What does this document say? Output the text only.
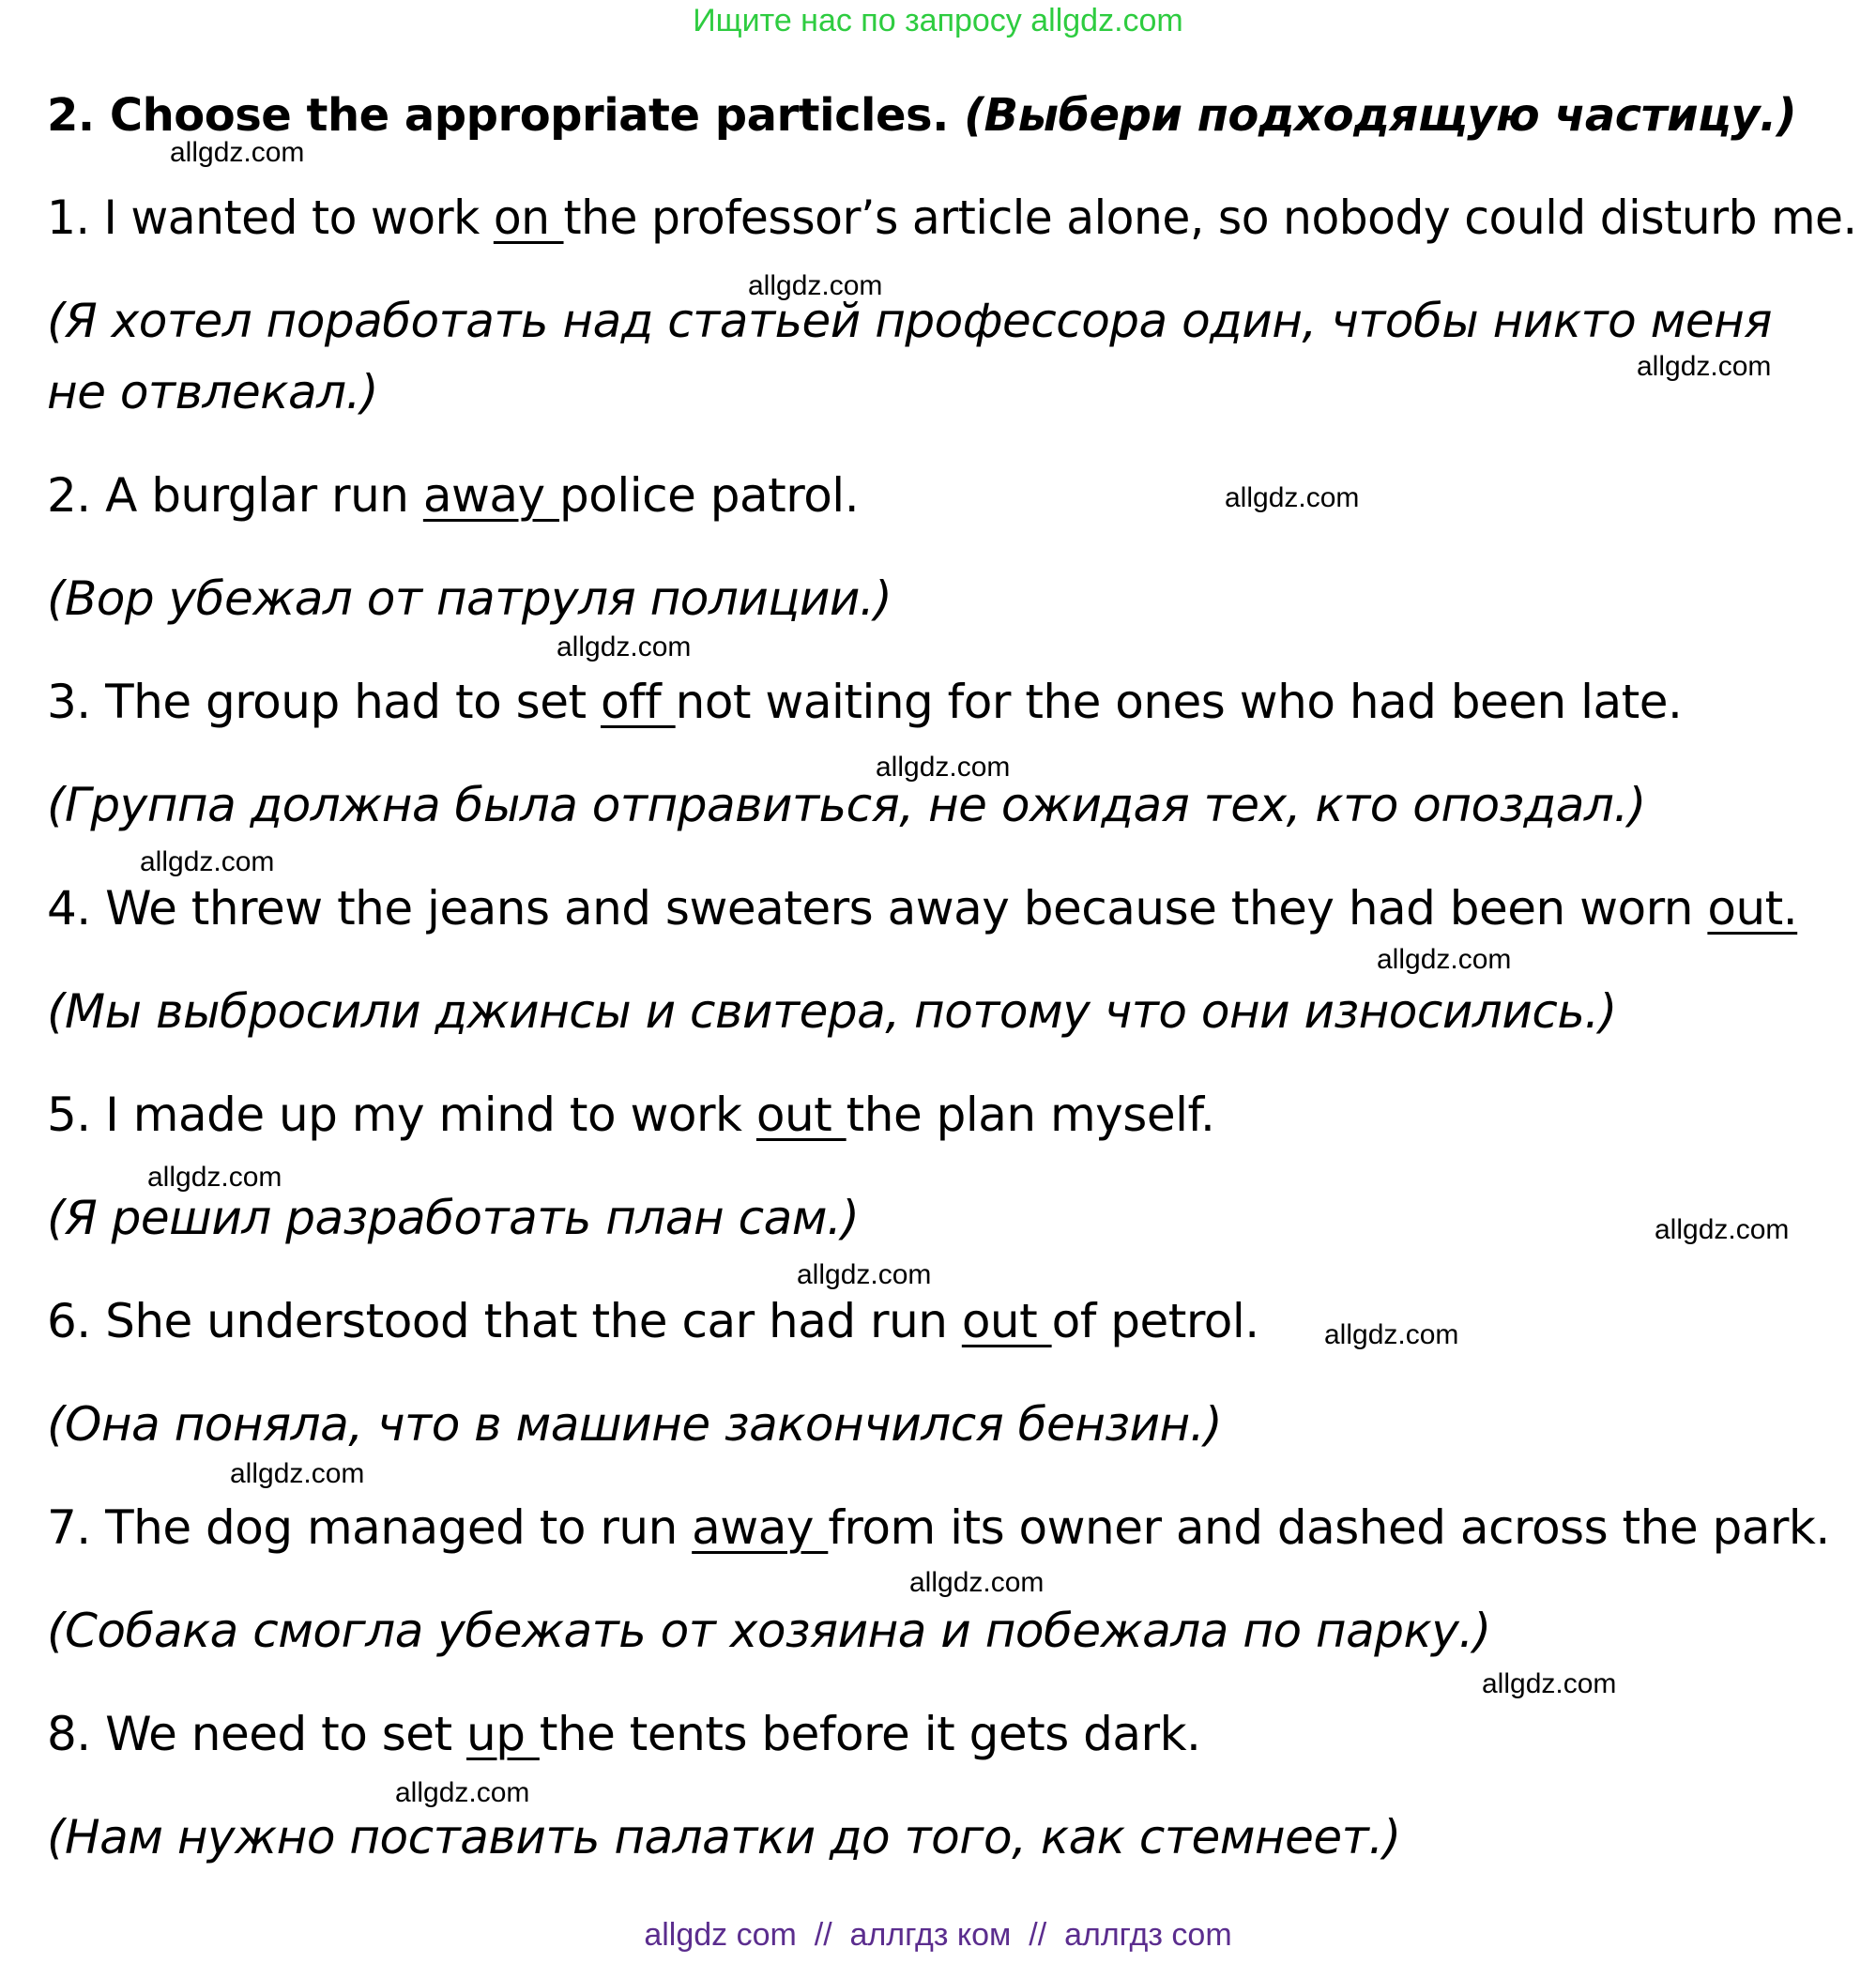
Ищите нас по запросу allgdz.com
2. Choose the appropriate particles. (Выбери подходящую частицу.)
1. I wanted to work on the professor’s article alone, so nobody could disturb me.
(Я хотел поработать над статьей профессора один, чтобы никто меня
не отвлекал.)
2. A burglar run away police patrol.
(Вор убежал от патруля полиции.)
3. The group had to set off not waiting for the ones who had been late.
(Группа должна была отправиться, не ожидая тех, кто опоздал.)
4. We threw the jeans and sweaters away because they had been worn out.
(Мы выбросили джинсы и свитера, потому что они износились.)
5. I made up my mind to work out the plan myself.
(Я решил разработать план сам.)
6. She understood that the car had run out of petrol.
(Она поняла, что в машине закончился бензин.)
7. The dog managed to run away from its owner and dashed across the park.
(Собака смогла убежать от хозяина и побежала по парку.)
8. We need to set up the tents before it gets dark.
(Нам нужно поставить палатки до того, как стемнеет.)
allgdz.com
allgdz.com
allgdz.com
allgdz.com
allgdz.com
allgdz.com
allgdz.com
allgdz.com
allgdz.com
allgdz.com
allgdz.com
allgdz.com
allgdz.com
allgdz.com
allgdz.com
allgdz.com
allgdz com  //  аллгдз ком  //  аллгдз com
